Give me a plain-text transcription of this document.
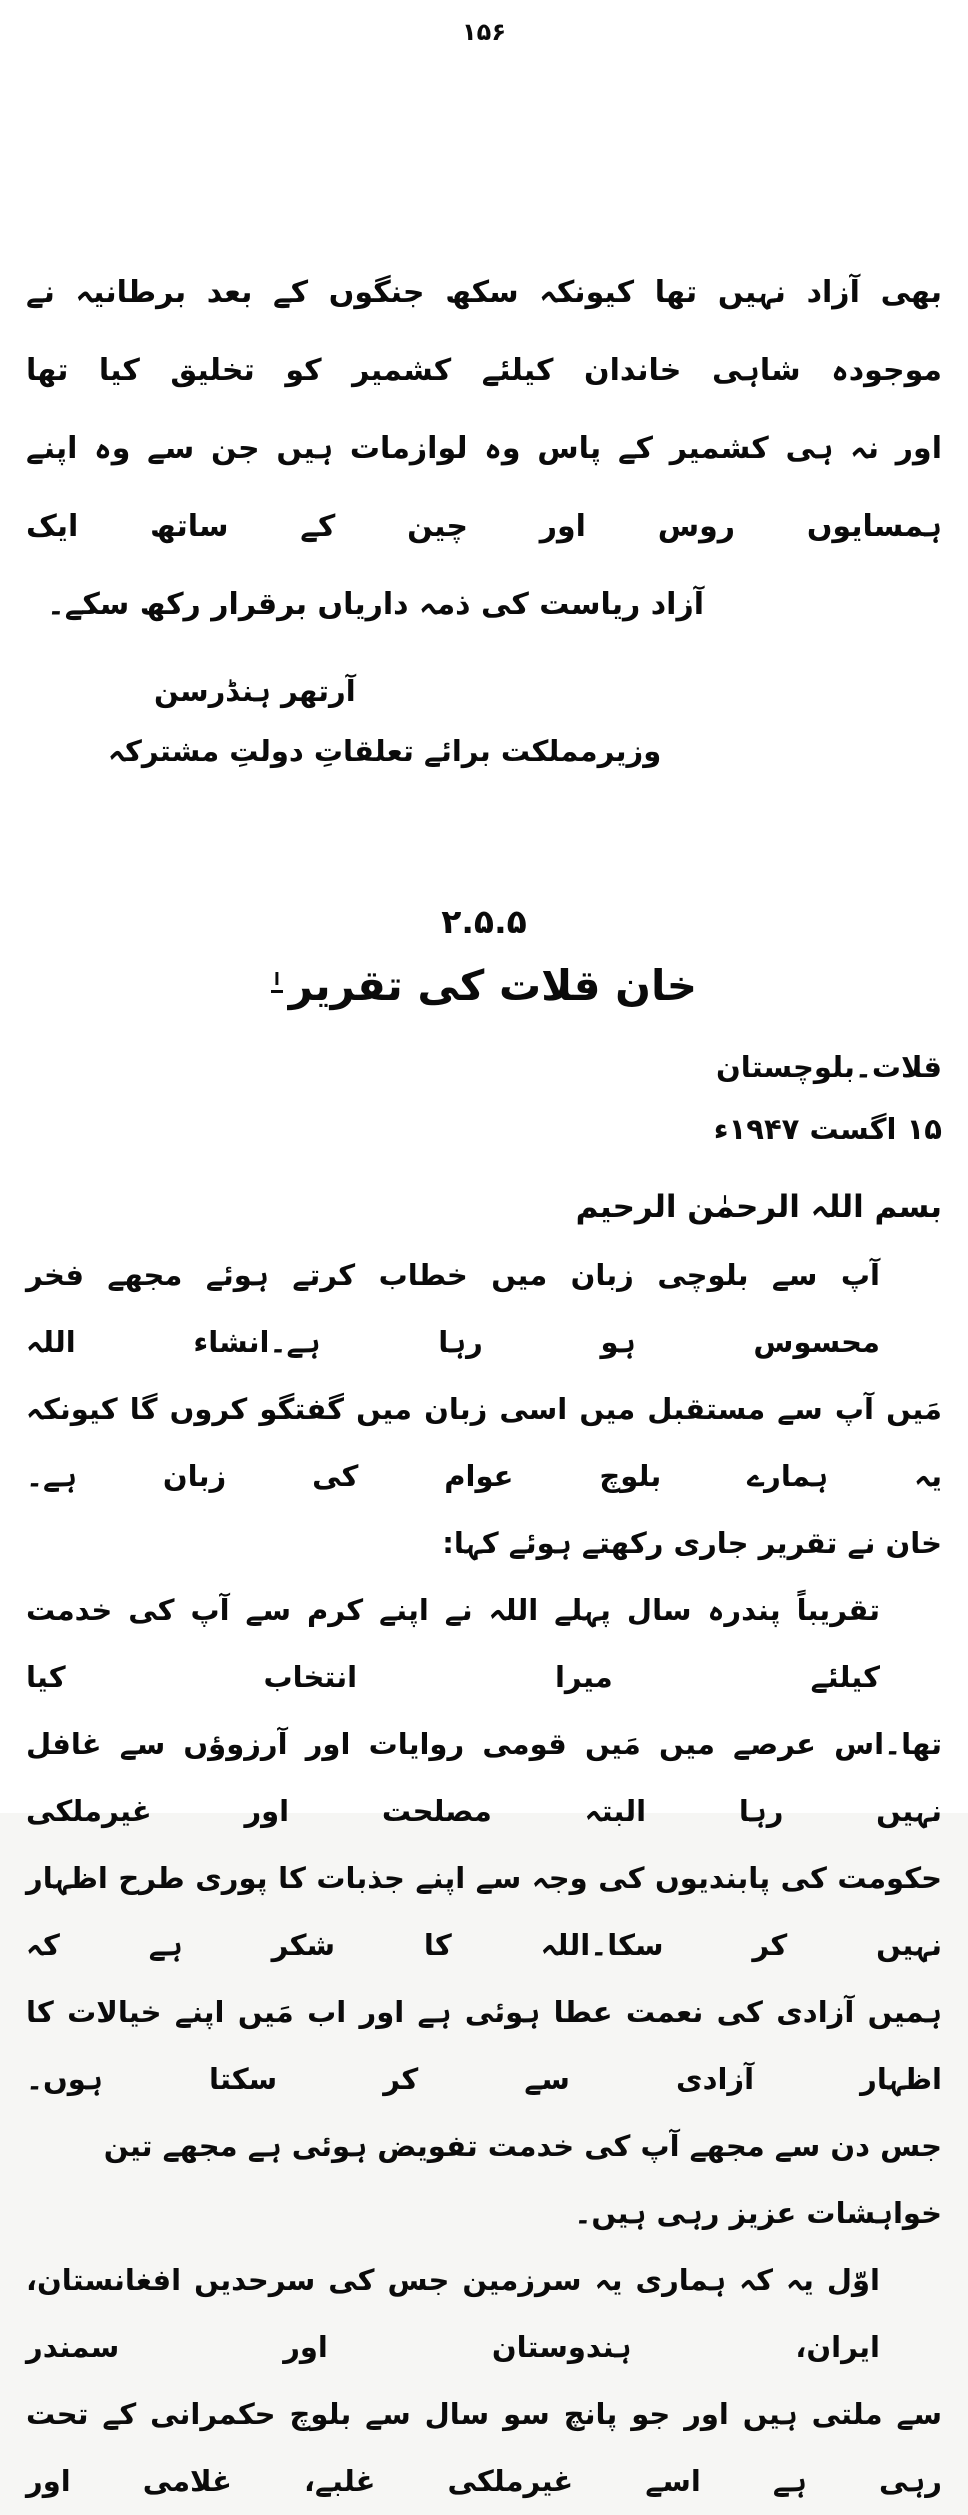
۱۵۶
بھی آزاد نہیں تھا کیونکہ سکھ جنگوں کے بعد برطانیہ نے موجودہ شاہی خاندان کیلئے کشمیر کو تخلیق کیا تھا
اور نہ ہی کشمیر کے پاس وہ لوازمات ہیں جن سے وہ اپنے ہمسایوں روس اور چین کے ساتھ ایک
آزاد ریاست کی ذمہ داریاں برقرار رکھ سکے۔
آرتھر ہنڈرسن
وزیرمملکت برائے تعلقاتِ دولتِ مشترکہ
۲.۵.۵
خان قلات کی تقریرا
قلات۔بلوچستان
۱۵ اگست ۱۹۴۷ء
بسم اللہ الرحمٰن الرحیم
آپ سے بلوچی زبان میں خطاب کرتے ہوئے مجھے فخر محسوس ہو رہا ہے۔انشاء اللہ
مَیں آپ سے مستقبل میں اسی زبان میں گفتگو کروں گا کیونکہ یہ ہمارے بلوچ عوام کی زبان ہے۔
خان نے تقریر جاری رکھتے ہوئے کہا:
تقریباً پندرہ سال پہلے اللہ نے اپنے کرم سے آپ کی خدمت کیلئے میرا انتخاب کیا
تھا۔اس عرصے میں مَیں قومی روایات اور آرزوؤں سے غافل نہیں رہا البتہ مصلحت اور غیرملکی
حکومت کی پابندیوں کی وجہ سے اپنے جذبات کا پوری طرح اظہار نہیں کر سکا۔اللہ کا شکر ہے کہ
ہمیں آزادی کی نعمت عطا ہوئی ہے اور اب مَیں اپنے خیالات کا اظہار آزادی سے کر سکتا ہوں۔
جس دن سے مجھے آپ کی خدمت تفویض ہوئی ہے مجھے تین خواہشات عزیز رہی ہیں۔
اوّل یہ کہ ہماری یہ سرزمین جس کی سرحدیں افغانستان، ایران، ہندوستان اور سمندر
سے ملتی ہیں اور جو پانچ سو سال سے بلوچ حکمرانی کے تحت رہی ہے اسے غیرملکی غلبے، غلامی اور
